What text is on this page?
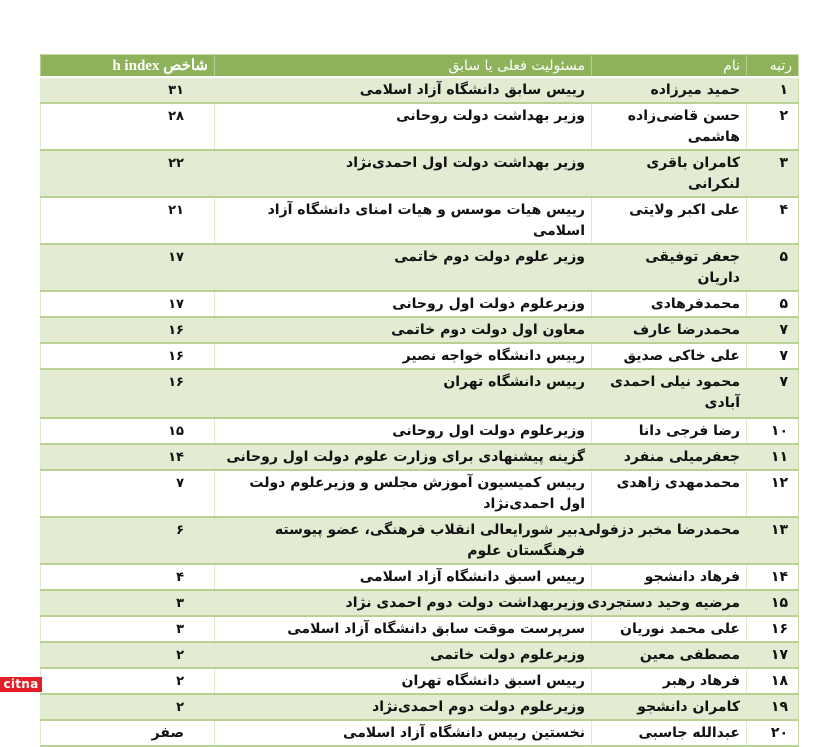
رتبه	نام	مسئولیت فعلی یا سابق	شاخص h index
۱	حمید میرزاده	رییس سابق دانشگاه آزاد اسلامی	۳۱
۲	حسن قاضی‌زاده هاشمی	وزیر بهداشت دولت روحانی	۲۸
۳	کامران باقری لنکرانی	وزیر بهداشت دولت اول احمدی‌نژاد	۲۲
۴	علی اکبر ولایتی	رییس هیات موسس و هیات امنای دانشگاه آزاد اسلامی	۲۱
۵	جعفر توفیقی داریان	وزیر علوم دولت دوم خاتمی	۱۷
۵	محمدفرهادی	وزیرعلوم دولت اول روحانی	۱۷
۷	محمدرضا عارف	معاون اول دولت دوم خاتمی	۱۶
۷	علی خاکی صدیق	رییس دانشگاه خواجه نصیر	۱۶
۷	محمود نیلی احمدی آبادی	رییس دانشگاه تهران	۱۶
۱۰	رضا فرجی دانا	وزیرعلوم دولت اول روحانی	۱۵
۱۱	جعفرمیلی منفرد	گزینه پیشنهادی برای وزارت علوم دولت اول روحانی	۱۴
۱۲	محمدمهدی زاهدی	رییس کمیسیون آموزش مجلس و وزیرعلوم دولت اول احمدی‌نژاد	۷
۱۳	محمدرضا مخبر دزفولی	دبیر شورایعالی انقلاب فرهنگی، عضو پیوسته فرهنگستان علوم	۶
۱۴	فرهاد دانشجو	رییس اسبق دانشگاه آزاد اسلامی	۴
۱۵	مرضیه وحید دستجردی	وزیربهداشت دولت دوم احمدی نژاد	۳
۱۶	علی محمد نوریان	سرپرست موقت سابق دانشگاه آزاد اسلامی	۳
۱۷	مصطفی معین	وزیرعلوم دولت خاتمی	۲
۱۸	فرهاد رهبر	رییس اسبق دانشگاه تهران	۲
۱۹	کامران دانشجو	وزیرعلوم دولت دوم احمدی‌نژاد	۲
۲۰	عبدالله جاسبی	نخستین رییس دانشگاه آزاد اسلامی	صفر
citna
